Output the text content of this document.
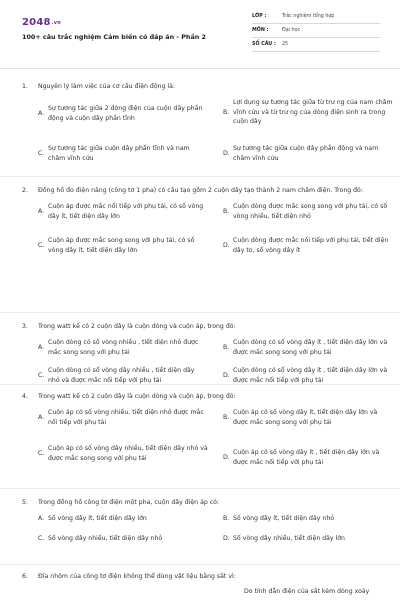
2048.vn
100+ câu trắc nghiệm Cảm biến có đáp án - Phần 2
LỚP :	Trắc nghiệm tổng hợp
MÔN :	Đại học
SỐ CÂU :	25
1.	Nguyên lý làm việc của cơ cấu điện động là:
A.
Sự tương tác giữa 2 dòng điện của cuộn dây phần động và cuộn dây phần tĩnh
B.
Lợi dụng sự tương tác giữa từ trư ng của nam châm vĩnh cửu và từ trư ng của dòng điện sinh ra trong cuộn dây
C.
Sự tương tác giữa cuộn dây phần tĩnh và nam châm vĩnh cửu
D.
Sự tương tác giữa cuộn dây phần động và nam châm vĩnh cửu
2.	Đồng hồ đo điện năng (công tơ 1 pha) có cấu tạo gồm 2 cuộn dây tạo thành 2 nam châm điện. Trong đó:
A.
Cuộn áp được mắc nối tiếp với phụ tải, có số vòng dây ít, tiết diện dây lớn
B.
Cuộn dòng được mắc song song với phụ tải, có số vòng nhiều, tiết diện nhỏ
C.
Cuộn áp được mắc song song với phụ tải, có số vòng dây ít, tiết diện dây lớn
D.
Cuộn dòng được mắc nối tiếp với phụ tải, tiết diện dây to, số vòng dây ít
3.	Trong watt kế có 2 cuộn dây là cuộn dòng và cuộn áp, trong đó:
A.
Cuộn dòng có số vòng nhiều , tiết diện nhỏ được mắc song song với phụ tải
B.
Cuộn dòng có số vòng dây ít , tiết diện dây lớn và được mắc song song với phụ tải
C.
Cuộn dòng có số vòng dây nhiều , tiết diện dây nhỏ và được mắc nối tiếp với phụ tải
D.
Cuộn dòng có số vòng dây ít , tiết diện dây lớn và được mắc nối tiếp với phụ tải
4.	Trong watt kế có 2 cuộn dây là cuộn dòng và cuộn áp, trong đó:
A.
Cuộn áp có số vòng nhiều, tiết diện nhỏ được mắc nối tiếp với phụ tải
B.
Cuộn áp có số vòng dây ít, tiết diện dây lớn và được mắc song song với phụ tải
C.
Cuộn áp có số vòng dây nhiều, tiết diện dây nhỏ và được mắc song song với phụ tải	D.
Cuộn áp có số vòng dây ít , tiết diện dây lớn và được mắc nối tiếp với phụ tải
5.	Trong đồng hồ công tơ điện một pha, cuộn dây điện áp có:
A. Số vòng dây ít, tiết diện dây lớn	B. Số vòng dây ít, tiết diện dây nhỏ
C. Số vòng dây nhiều, tiết diện dây nhỏ	D. Số vòng dây nhiều, tiết diện dây lớn
6.	Đĩa nhôm của công tơ điện không thể dùng vật liệu bằng sắt vì:
Do tính dẫn điện của sắt kém dòng xoáy
